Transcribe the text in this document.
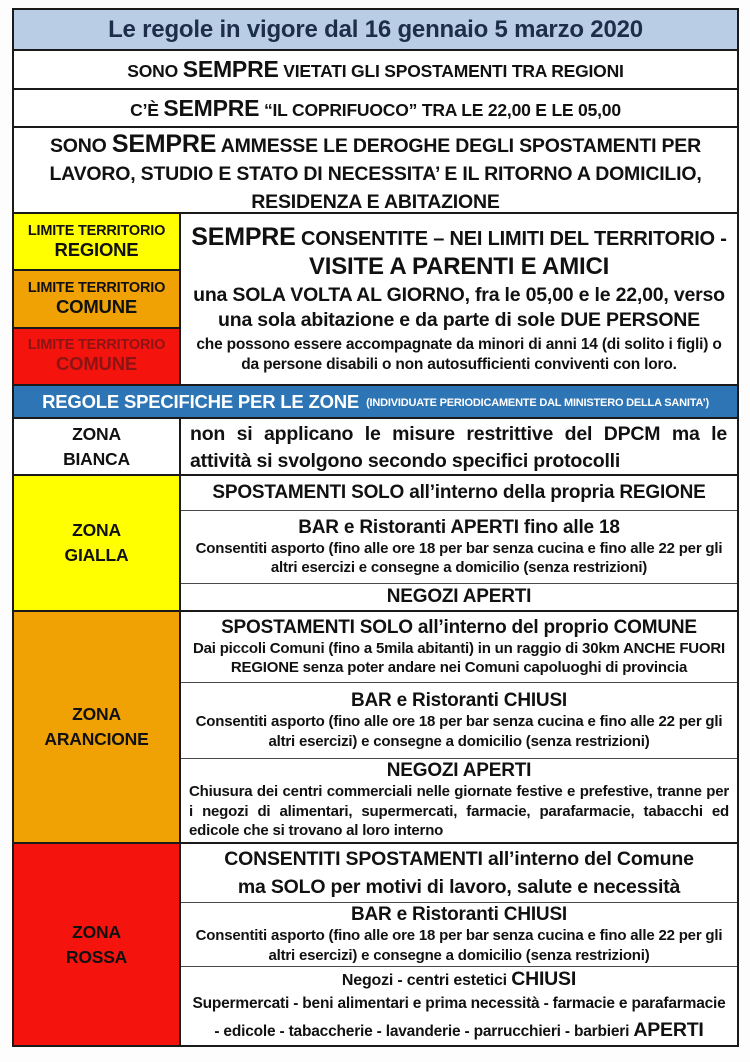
Le regole in vigore dal 16 gennaio 5 marzo 2020
SONO SEMPRE VIETATI GLI SPOSTAMENTI TRA REGIONI
C’È SEMPRE “IL COPRIFUOCO” TRA LE 22,00 E LE 05,00
SONO SEMPRE AMMESSE LE DEROGHE DEGLI SPOSTAMENTI PER LAVORO, STUDIO E STATO DI NECESSITA’ E IL RITORNO A DOMICILIO, RESIDENZA E ABITAZIONE
LIMITE TERRITORIO
REGIONE
LIMITE TERRITORIO
COMUNE
LIMITE TERRITORIO
COMUNE
SEMPRE CONSENTITE – NEI LIMITI DEL TERRITORIO -
VISITE A PARENTI E AMICI
una SOLA VOLTA AL GIORNO, fra le 05,00 e le 22,00, verso una sola abitazione e da parte di sole DUE PERSONE
che possono essere accompagnate da minori di anni 14 (di solito i figli) o da persone disabili o non autosufficienti conviventi con loro.
REGOLE SPECIFICHE PER LE ZONE (INDIVIDUATE PERIODICAMENTE DAL MINISTERO DELLA SANITA’)
ZONA
BIANCA
non si applicano le misure restrittive del DPCM ma le attività si svolgono secondo specifici protocolli
ZONA
GIALLA
SPOSTAMENTI SOLO all’interno della propria REGIONE
BAR e Ristoranti APERTI fino alle 18
Consentiti asporto (fino alle ore 18 per bar senza cucina e fino alle 22 per gli altri esercizi e consegne a domicilio (senza restrizioni)
NEGOZI APERTI
ZONA
ARANCIONE
SPOSTAMENTI SOLO all’interno del proprio COMUNE
Dai piccoli Comuni (fino a 5mila abitanti) in un raggio di 30km ANCHE FUORI REGIONE senza poter andare nei Comuni capoluoghi di provincia
BAR e Ristoranti CHIUSI
Consentiti asporto (fino alle ore 18 per bar senza cucina e fino alle 22 per gli altri esercizi) e consegne a domicilio (senza restrizioni)
NEGOZI APERTI
Chiusura dei centri commerciali nelle giornate festive e prefestive, tranne per i negozi di alimentari, supermercati, farmacie, parafarmacie, tabacchi ed edicole che si trovano al loro interno
ZONA
ROSSA
CONSENTITI SPOSTAMENTI all’interno del Comune
ma SOLO per motivi di lavoro, salute e necessità
BAR e Ristoranti CHIUSI
Consentiti asporto (fino alle ore 18 per bar senza cucina e fino alle 22 per gli altri esercizi) e consegne a domicilio (senza restrizioni)
Negozi - centri estetici CHIUSI
Supermercati - beni alimentari e prima necessità - farmacie e parafarmacie - edicole - tabaccherie - lavanderie - parrucchieri - barbieri APERTI
